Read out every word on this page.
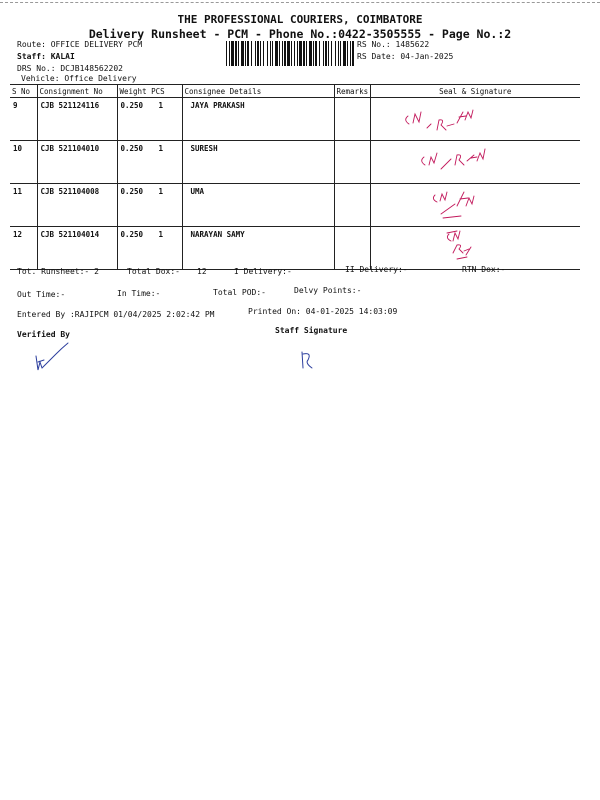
THE PROFESSIONAL COURIERS, COIMBATORE
Delivery Runsheet - PCM - Phone No.:0422-3505555 - Page No.:2
Route: OFFICE DELIVERY PCM
Staff: KALAI
DRS No.: DCJB148562202
Vehicle: Office Delivery
RS No.: 1485622
RS Date: 04-Jan-2025
S No	Consignment No	Weight PCS	Consignee Details	Remarks	Seal & Signature
9	CJB 521124116	0.250 1	JAYA PRAKASH		

10	CJB 521104010	0.250 1	SURESH		

11	CJB 521104008	0.250 1	UMA		

12	CJB 521104014	0.250 1	NARAYAN SAMY		
Tot. Runsheet:- 2	Total Dox:- 12	I Delivery:-	II Delivery:-	RTN Dox:-
Out Time:-	In Time:-	Total POD:-	Delvy Points:-
Entered By :RAJIPCM 01/04/2025 2:02:42 PM	Printed On: 04-01-2025 14:03:09
Verified By	Staff Signature
